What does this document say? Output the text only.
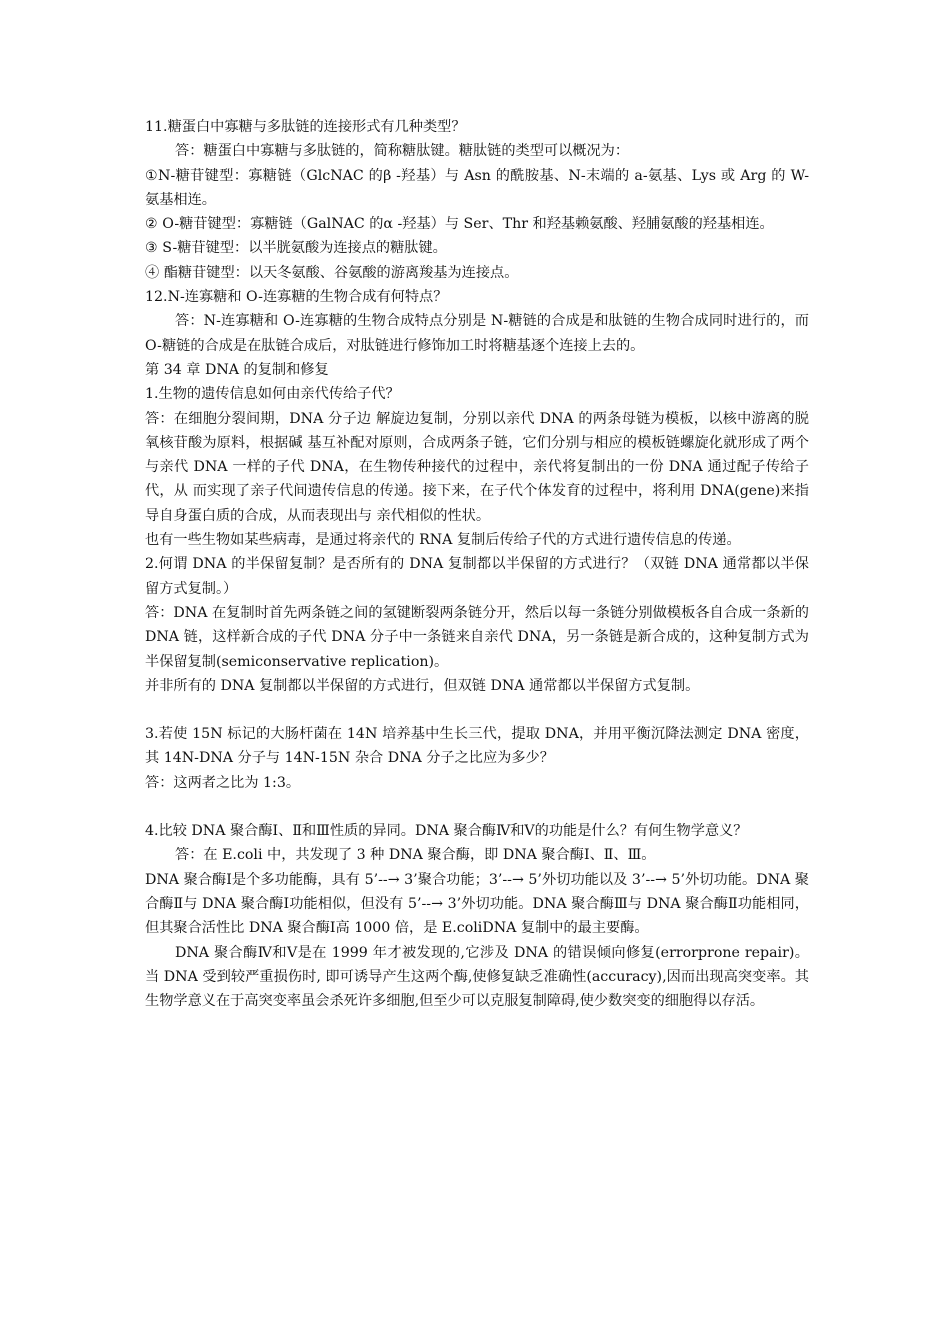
11.糖蛋白中寡糖与多肽链的连接形式有几种类型？

答：糖蛋白中寡糖与多肽链的，简称糖肽键。糖肽链的类型可以概况为：

①N-糖苷键型：寡糖链（GlcNAC 的β -羟基）与 Asn 的酰胺基、N-末端的 a-氨基、Lys 或 Arg 的 W-氨基相连。

② O-糖苷键型：寡糖链（GalNAC 的α -羟基）与 Ser、Thr 和羟基赖氨酸、羟脯氨酸的羟基相连。

③ S-糖苷键型：以半胱氨酸为连接点的糖肽键。

④ 酯糖苷键型：以天冬氨酸、谷氨酸的游离羧基为连接点。

12.N-连寡糖和 O-连寡糖的生物合成有何特点？

答：N-连寡糖和 O-连寡糖的生物合成特点分别是 N-糖链的合成是和肽链的生物合成同时进行的，而 O-糖链的合成是在肽链合成后，对肽链进行修饰加工时将糖基逐个连接上去的。

第 34 章 DNA 的复制和修复

1.生物的遗传信息如何由亲代传给子代？

答：在细胞分裂间期，DNA 分子边 解旋边复制，分别以亲代 DNA 的两条母链为模板，以核中游离的脱氧核苷酸为原料，根据碱 基互补配对原则，合成两条子链，它们分别与相应的模板链螺旋化就形成了两个与亲代 DNA 一样的子代 DNA，在生物传种接代的过程中，亲代将复制出的一份 DNA 通过配子传给子代，从 而实现了亲子代间遗传信息的传递。接下来，在子代个体发育的过程中，将利用 DNA(gene)来指导自身蛋白质的合成，从而表现出与 亲代相似的性状。

也有一些生物如某些病毒，是通过将亲代的 RNA 复制后传给子代的方式进行遗传信息的传递。

2.何谓 DNA 的半保留复制？是否所有的 DNA 复制都以半保留的方式进行？（双链 DNA 通常都以半保留方式复制。）

答：DNA 在复制时首先两条链之间的氢键断裂两条链分开，然后以每一条链分别做模板各自合成一条新的 DNA 链，这样新合成的子代 DNA 分子中一条链来自亲代 DNA，另一条链是新合成的，这种复制方式为半保留复制(semiconservative replication)。

并非所有的 DNA 复制都以半保留的方式进行，但双链 DNA 通常都以半保留方式复制。

3.若使 15N 标记的大肠杆菌在 14N 培养基中生长三代，提取 DNA，并用平衡沉降法测定 DNA 密度，其 14N-DNA 分子与 14N-15N 杂合 DNA 分子之比应为多少？

答：这两者之比为 1:3。

4.比较 DNA 聚合酶Ⅰ、Ⅱ和Ⅲ性质的异同。DNA 聚合酶Ⅳ和Ⅴ的功能是什么？有何生物学意义？

答：在 E.coli 中，共发现了 3 种 DNA 聚合酶，即 DNA 聚合酶Ⅰ、Ⅱ、Ⅲ。

DNA 聚合酶Ⅰ是个多功能酶，具有 5’--→ 3’聚合功能；3’--→ 5’外切功能以及 3’--→ 5’外切功能。DNA 聚合酶Ⅱ与 DNA 聚合酶Ⅰ功能相似，但没有 5’--→ 3’外切功能。DNA 聚合酶Ⅲ与 DNA 聚合酶Ⅱ功能相同，但其聚合活性比 DNA 聚合酶Ⅰ高 1000 倍，是 E.coliDNA 复制中的最主要酶。

DNA 聚合酶Ⅳ和Ⅴ是在 1999 年才被发现的,它涉及 DNA 的错误倾向修复(errorprone repair)。当 DNA 受到较严重损伤时, 即可诱导产生这两个酶,使修复缺乏准确性(accuracy),因而出现高突变率。其生物学意义在于高突变率虽会杀死许多细胞,但至少可以克服复制障碍,使少数突变的细胞得以存活。
